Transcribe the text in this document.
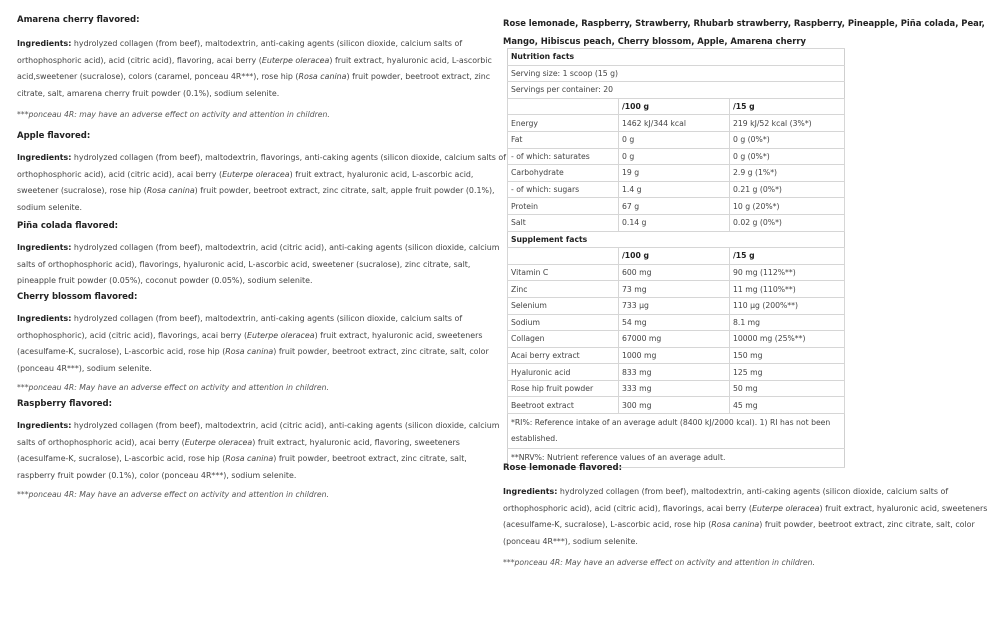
Amarena cherry flavored:

Ingredients: hydrolyzed collagen (from beef), maltodextrin, anti-caking agents (silicon dioxide, calcium salts of orthophosphoric acid), acid (citric acid), flavoring, acai berry (Euterpe oleracea) fruit extract, hyaluronic acid, L-ascorbic acid,sweetener (sucralose), colors (caramel, ponceau 4R***), rose hip (Rosa canina) fruit powder, beetroot extract, zinc citrate, salt, amarena cherry fruit powder (0.1%), sodium selenite.

***ponceau 4R: may have an adverse effect on activity and attention in children.

Apple flavored:

Ingredients: hydrolyzed collagen (from beef), maltodextrin, flavorings, anti-caking agents (silicon dioxide, calcium salts of orthophosphoric acid), acid (citric acid), acai berry (Euterpe oleracea) fruit extract, hyaluronic acid, L-ascorbic acid, sweetener (sucralose), rose hip (Rosa canina) fruit powder, beetroot extract, zinc citrate, salt, apple fruit powder (0.1%), sodium selenite.

Piña colada flavored:

Ingredients: hydrolyzed collagen (from beef), maltodextrin, acid (citric acid), anti-caking agents (silicon dioxide, calcium salts of orthophosphoric acid), flavorings, hyaluronic acid, L-ascorbic acid, sweetener (sucralose), zinc citrate, salt, pineapple fruit powder (0.05%), coconut powder (0.05%), sodium selenite.

Cherry blossom flavored:

Ingredients: hydrolyzed collagen (from beef), maltodextrin, anti-caking agents (silicon dioxide, calcium salts of orthophosphoric), acid (citric acid), flavorings, acai berry (Euterpe oleracea) fruit extract, hyaluronic acid, sweeteners (acesulfame-K, sucralose), L-ascorbic acid, rose hip (Rosa canina) fruit powder, beetroot extract, zinc citrate, salt, color (ponceau 4R***), sodium selenite.

***ponceau 4R: May have an adverse effect on activity and attention in children.

Raspberry flavored:

Ingredients: hydrolyzed collagen (from beef), maltodextrin, acid (citric acid), anti-caking agents (silicon dioxide, calcium salts of orthophosphoric acid), acai berry (Euterpe oleracea) fruit extract, hyaluronic acid, flavoring, sweeteners (acesulfame-K, sucralose), L-ascorbic acid, rose hip (Rosa canina) fruit powder, beetroot extract, zinc citrate, salt, raspberry fruit powder (0.1%), color (ponceau 4R***), sodium selenite.

***ponceau 4R: May have an adverse effect on activity and attention in children.

Rose lemonade, Raspberry, Strawberry, Rhubarb strawberry, Raspberry, Pineapple, Piña colada, Pear, Mango, Hibiscus peach, Cherry blossom, Apple, Amarena cherry

Nutrition facts		
Serving size: 1 scoop (15 g)		
Servings per container: 20		
	/100 g	/15 g
Energy	1462 kJ/344 kcal	219 kJ/52 kcal (3%*)
Fat	0 g	0 g (0%*)
- of which: saturates	0 g	0 g (0%*)
Carbohydrate	19 g	2.9 g (1%*)
- of which: sugars	1.4 g	0.21 g (0%*)
Protein	67 g	10 g (20%*)
Salt	0.14 g	0.02 g (0%*)
Supplement facts		
	/100 g	/15 g
Vitamin C	600 mg	90 mg (112%**)
Zinc	73 mg	11 mg (110%**)
Selenium	733 μg	110 μg (200%**)
Sodium	54 mg	8.1 mg
Collagen	67000 mg	10000 mg (25%**)
Acai berry extract	1000 mg	150 mg
Hyaluronic acid	833 mg	125 mg
Rose hip fruit powder	333 mg	50 mg
Beetroot extract	300 mg	45 mg
*RI%: Reference intake of an average adult (8400 kJ/2000 kcal). 1) RI has not been established.		
**NRV%: Nutrient reference values of an average adult.		

Rose lemonade flavored:

Ingredients: hydrolyzed collagen (from beef), maltodextrin, anti-caking agents (silicon dioxide, calcium salts of orthophosphoric acid), acid (citric acid), flavorings, acai berry (Euterpe oleracea) fruit extract, hyaluronic acid, sweeteners (acesulfame-K, sucralose), L-ascorbic acid, rose hip (Rosa canina) fruit powder, beetroot extract, zinc citrate, salt, color (ponceau 4R***), sodium selenite.

***ponceau 4R: May have an adverse effect on activity and attention in children.
